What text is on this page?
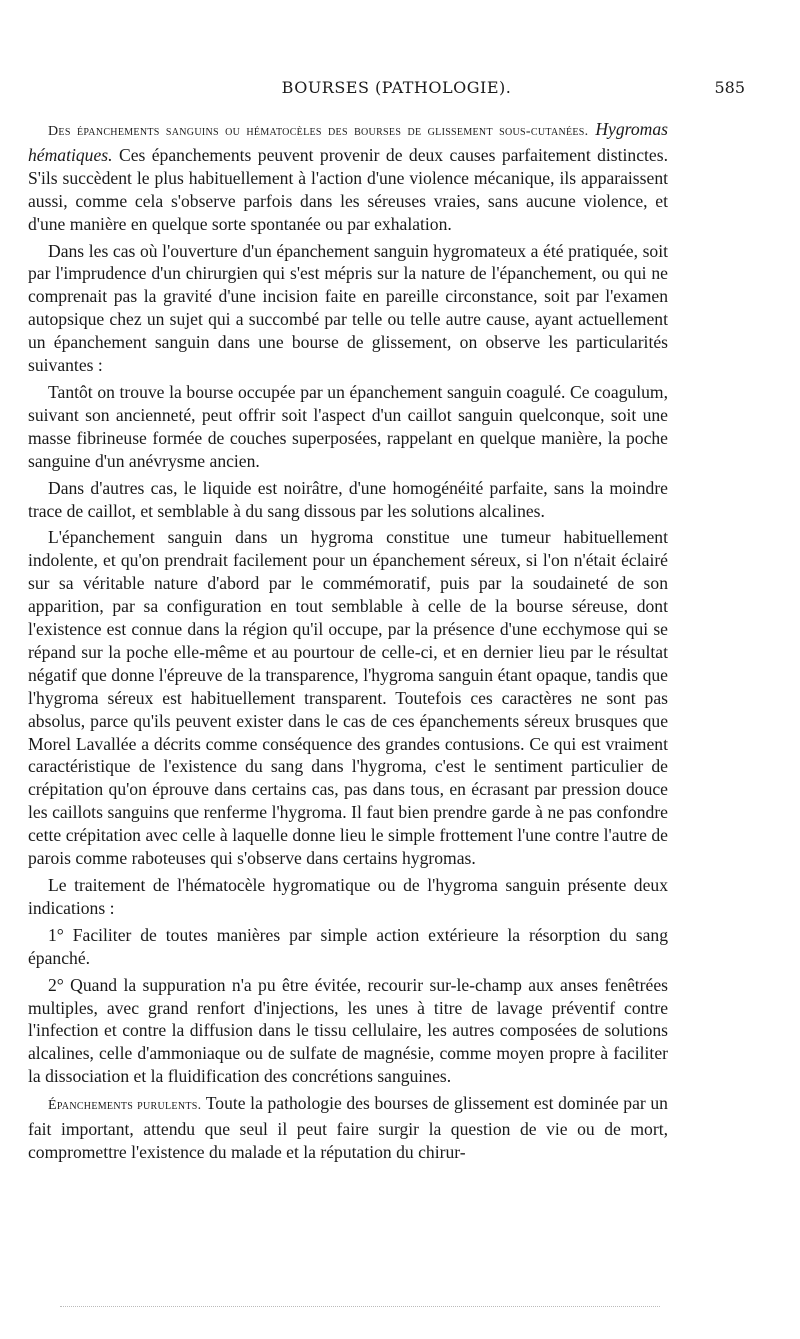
BOURSES (PATHOLOGIE).	585

Des épanchements sanguins ou hématocèles des bourses de glissement sous-cutanées. Hygromas hématiques. Ces épanchements peuvent provenir de deux causes parfaitement distinctes. S'ils succèdent le plus habituellement à l'action d'une violence mécanique, ils apparaissent aussi, comme cela s'observe parfois dans les séreuses vraies, sans aucune violence, et d'une manière en quelque sorte spontanée ou par exhalation.

Dans les cas où l'ouverture d'un épanchement sanguin hygromateux a été pratiquée, soit par l'imprudence d'un chirurgien qui s'est mépris sur la nature de l'épanchement, ou qui ne comprenait pas la gravité d'une incision faite en pareille circonstance, soit par l'examen autopsique chez un sujet qui a succombé par telle ou telle autre cause, ayant actuellement un épanchement sanguin dans une bourse de glissement, on observe les particularités suivantes :

Tantôt on trouve la bourse occupée par un épanchement sanguin coagulé. Ce coagulum, suivant son ancienneté, peut offrir soit l'aspect d'un caillot sanguin quelconque, soit une masse fibrineuse formée de couches superposées, rappelant en quelque manière, la poche sanguine d'un anévrysme ancien.

Dans d'autres cas, le liquide est noirâtre, d'une homogénéité parfaite, sans la moindre trace de caillot, et semblable à du sang dissous par les solutions alcalines.

L'épanchement sanguin dans un hygroma constitue une tumeur habituellement indolente, et qu'on prendrait facilement pour un épanchement séreux, si l'on n'était éclairé sur sa véritable nature d'abord par le commémoratif, puis par la soudaineté de son apparition, par sa configuration en tout semblable à celle de la bourse séreuse, dont l'existence est connue dans la région qu'il occupe, par la présence d'une ecchymose qui se répand sur la poche elle-même et au pourtour de celle-ci, et en dernier lieu par le résultat négatif que donne l'épreuve de la transparence, l'hygroma sanguin étant opaque, tandis que l'hygroma séreux est habituellement transparent. Toutefois ces caractères ne sont pas absolus, parce qu'ils peuvent exister dans le cas de ces épanchements séreux brusques que Morel Lavallée a décrits comme conséquence des grandes contusions. Ce qui est vraiment caractéristique de l'existence du sang dans l'hygroma, c'est le sentiment particulier de crépitation qu'on éprouve dans certains cas, pas dans tous, en écrasant par pression douce les caillots sanguins que renferme l'hygroma. Il faut bien prendre garde à ne pas confondre cette crépitation avec celle à laquelle donne lieu le simple frottement l'une contre l'autre de parois comme raboteuses qui s'observe dans certains hygromas.

Le traitement de l'hématocèle hygromatique ou de l'hygroma sanguin présente deux indications :

1° Faciliter de toutes manières par simple action extérieure la résorption du sang épanché.

2° Quand la suppuration n'a pu être évitée, recourir sur-le-champ aux anses fenêtrées multiples, avec grand renfort d'injections, les unes à titre de lavage préventif contre l'infection et contre la diffusion dans le tissu cellulaire, les autres composées de solutions alcalines, celle d'ammoniaque ou de sulfate de magnésie, comme moyen propre à faciliter la dissociation et la fluidification des concrétions sanguines.

Épanchements purulents. Toute la pathologie des bourses de glissement est dominée par un fait important, attendu que seul il peut faire surgir la question de vie ou de mort, compromettre l'existence du malade et la réputation du chirur-
